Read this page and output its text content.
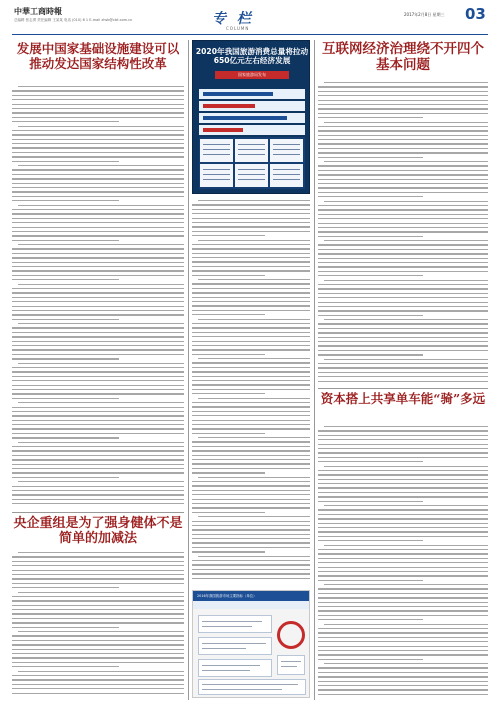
中華工商時報
总编辑 张志勇 责任编辑 王某某 电话 (010) 6 1 E-mail zhsb@cbt.com.cn	专 栏
COLUMN
2017年2月8日 星期三 03
发展中国家基础设施建设可以推动发达国家结构性改革
互联网经济治理绕不开四个基本问题
央企重组是为了强身健体不是简单的加减法
资本搭上共享单车能“骑”多远
2020年我国旅游消费总量将拉动650亿元左右经济发展
国家旅游局发布
2016年我国旅游市场主要指标（单位）
